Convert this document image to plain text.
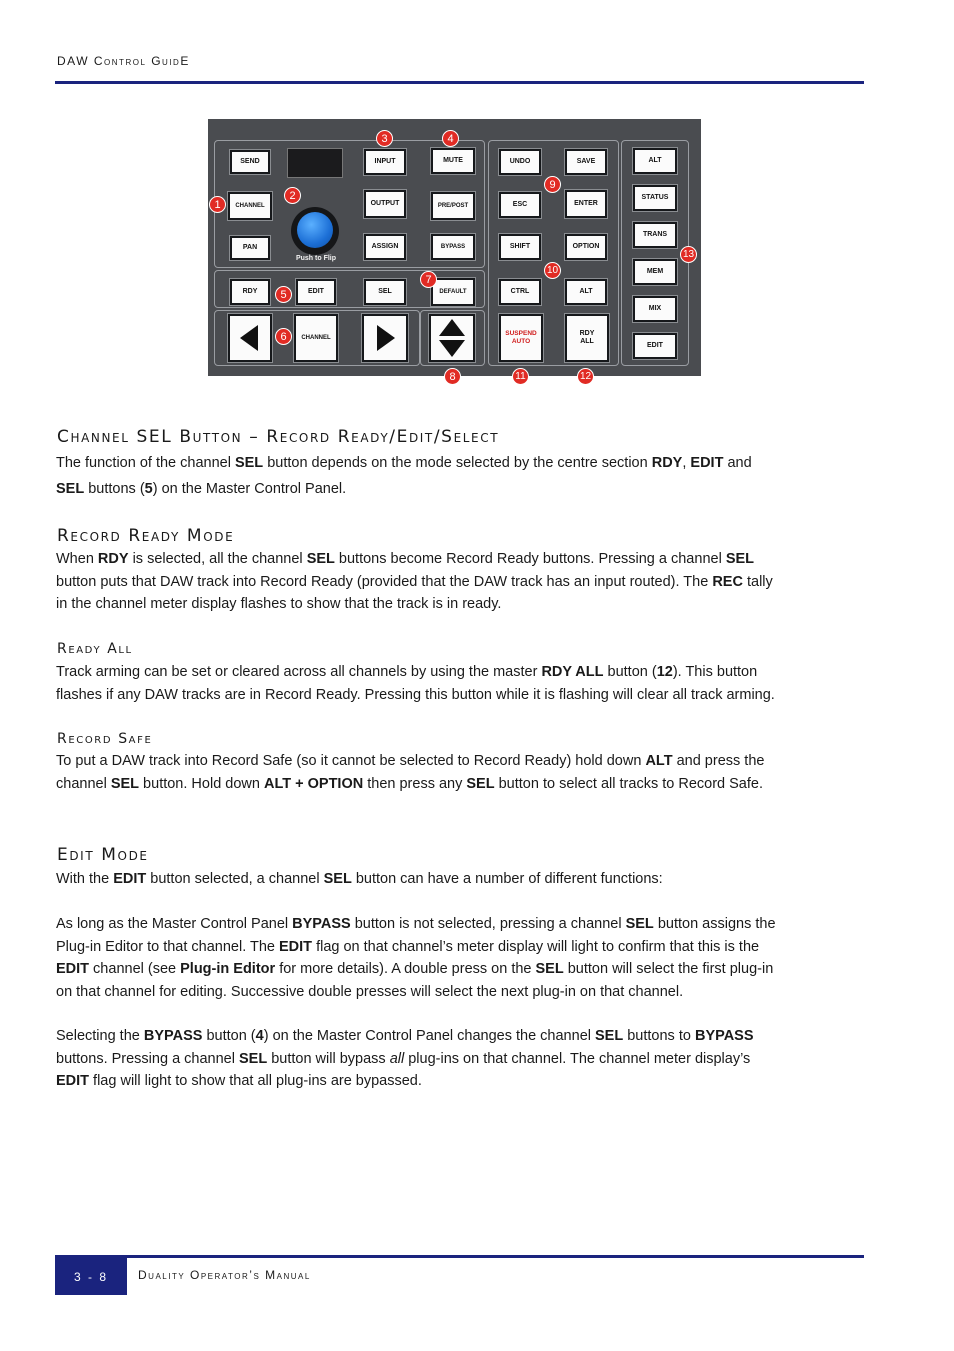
DAW Control GuidE
SEND	INPUT	MUTE
CHANNEL
Push to Flip
OUTPUT	PRE/POST
PAN	ASSIGN	BYPASS
RDY	EDIT	SEL	DEFAULT
CHANNEL
UNDO	SAVE
ESC	ENTER
SHIFT	OPTION
CTRL	ALT
SUSPEND AUTO
RDY ALL
ALT
STATUS
TRANS
MEM
MIX
EDIT
1
2
3	4
5
6
7
8
9
10
11	12
13
Channel SEL Button – Record Ready/Edit/Select
The function of the channel SEL button depends on the mode selected by the centre section RDY, EDIT and
SEL buttons (5) on the Master Control Panel.
Record Ready Mode
When RDY is selected, all the channel SEL buttons become Record Ready buttons. Pressing a channel SEL
button puts that DAW track into Record Ready (provided that the DAW track has an input routed). The REC tally
in the channel meter display flashes to show that the track is in ready.
Ready All
Track arming can be set or cleared across all channels by using the master RDY ALL button (12). This button
flashes if any DAW tracks are in Record Ready. Pressing this button while it is flashing will clear all track arming.
Record Safe
To put a DAW track into Record Safe (so it cannot be selected to Record Ready) hold down ALT and press the
channel SEL button. Hold down ALT + OPTION then press any SEL button to select all tracks to Record Safe.
Edit Mode
With the EDIT button selected, a channel SEL button can have a number of different functions:
As long as the Master Control Panel BYPASS button is not selected, pressing a channel SEL button assigns the
Plug-in Editor to that channel. The EDIT flag on that channel’s meter display will light to confirm that this is the
EDIT channel (see Plug-in Editor for more details). A double press on the SEL button will select the first plug-in
on that channel for editing. Successive double presses will select the next plug-in on that channel.
Selecting the BYPASS button (4) on the Master Control Panel changes the channel SEL buttons to BYPASS
buttons. Pressing a channel SEL button will bypass all plug-ins on that channel. The channel meter display’s
EDIT flag will light to show that all plug-ins are bypassed.
3 - 8	Duality Operator’s Manual
